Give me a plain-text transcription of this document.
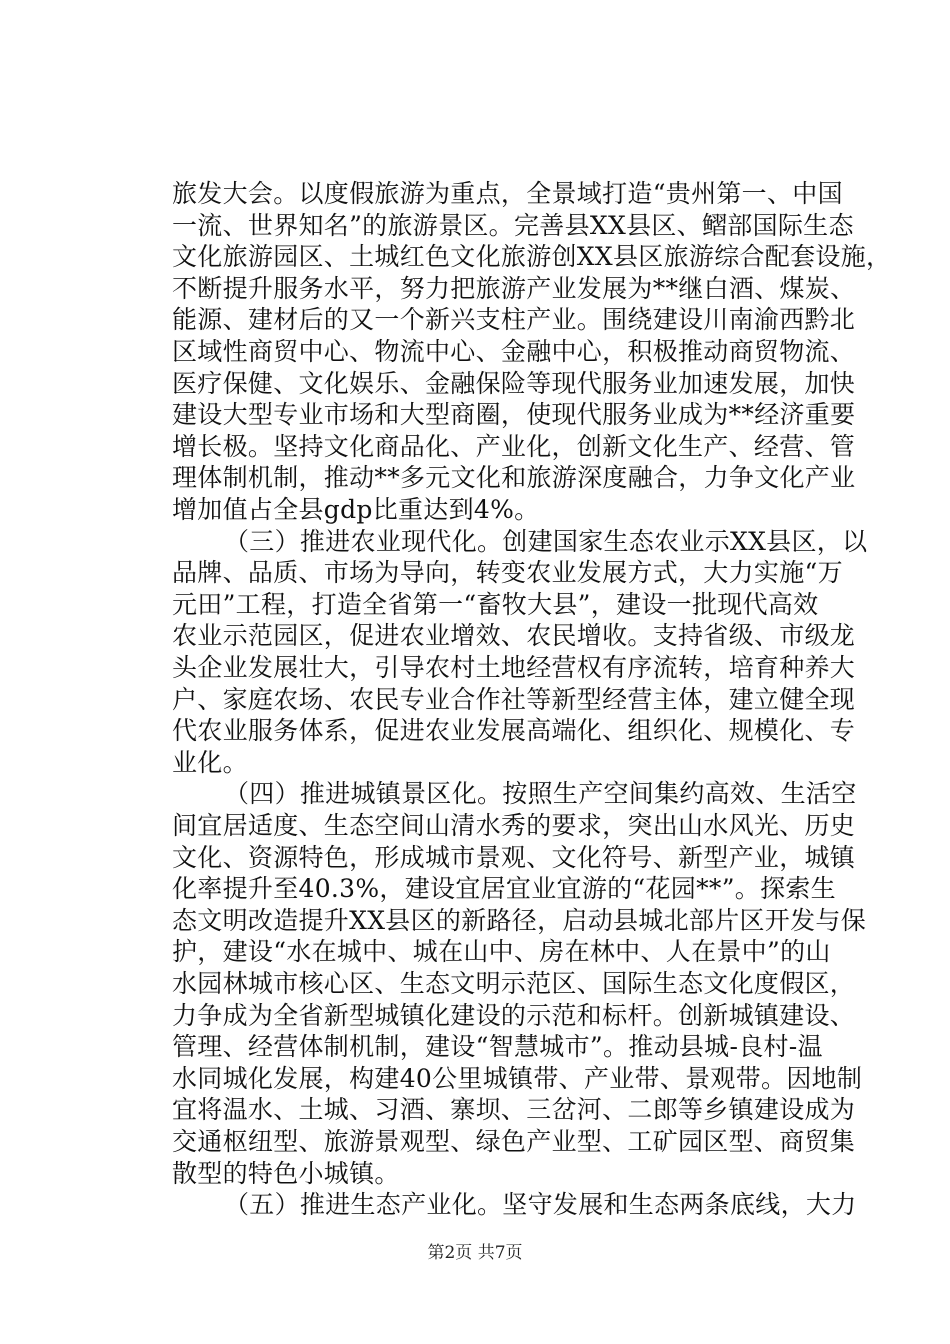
旅发大会。以度假旅游为重点，全景域打造“贵州第一、中国
一流、世界知名”的旅游景区。完善县XX县区、鳛部国际生态
文化旅游园区、土城红色文化旅游创XX县区旅游综合配套设施，
不断提升服务水平，努力把旅游产业发展为**继白酒、煤炭、
能源、建材后的又一个新兴支柱产业。围绕建设川南渝西黔北
区域性商贸中心、物流中心、金融中心，积极推动商贸物流、
医疗保健、文化娱乐、金融保险等现代服务业加速发展，加快
建设大型专业市场和大型商圈，使现代服务业成为**经济重要
增长极。坚持文化商品化、产业化，创新文化生产、经营、管
理体制机制，推动**多元文化和旅游深度融合，力争文化产业
增加值占全县gdp比重达到4%。
（三）推进农业现代化。创建国家生态农业示XX县区，以
品牌、品质、市场为导向，转变农业发展方式，大力实施“万
元田”工程，打造全省第一“畜牧大县”，建设一批现代高效
农业示范园区，促进农业增效、农民增收。支持省级、市级龙
头企业发展壮大，引导农村土地经营权有序流转，培育种养大
户、家庭农场、农民专业合作社等新型经营主体，建立健全现
代农业服务体系，促进农业发展高端化、组织化、规模化、专
业化。
（四）推进城镇景区化。按照生产空间集约高效、生活空
间宜居适度、生态空间山清水秀的要求，突出山水风光、历史
文化、资源特色，形成城市景观、文化符号、新型产业，城镇
化率提升至40.3%，建设宜居宜业宜游的“花园**”。探索生
态文明改造提升XX县区的新路径，启动县城北部片区开发与保
护，建设“水在城中、城在山中、房在林中、人在景中”的山
水园林城市核心区、生态文明示范区、国际生态文化度假区，
力争成为全省新型城镇化建设的示范和标杆。创新城镇建设、
管理、经营体制机制，建设“智慧城市”。推动县城-良村-温
水同城化发展，构建40公里城镇带、产业带、景观带。因地制
宜将温水、土城、习酒、寨坝、三岔河、二郎等乡镇建设成为
交通枢纽型、旅游景观型、绿色产业型、工矿园区型、商贸集
散型的特色小城镇。
（五）推进生态产业化。坚守发展和生态两条底线，大力
第2页 共7页
